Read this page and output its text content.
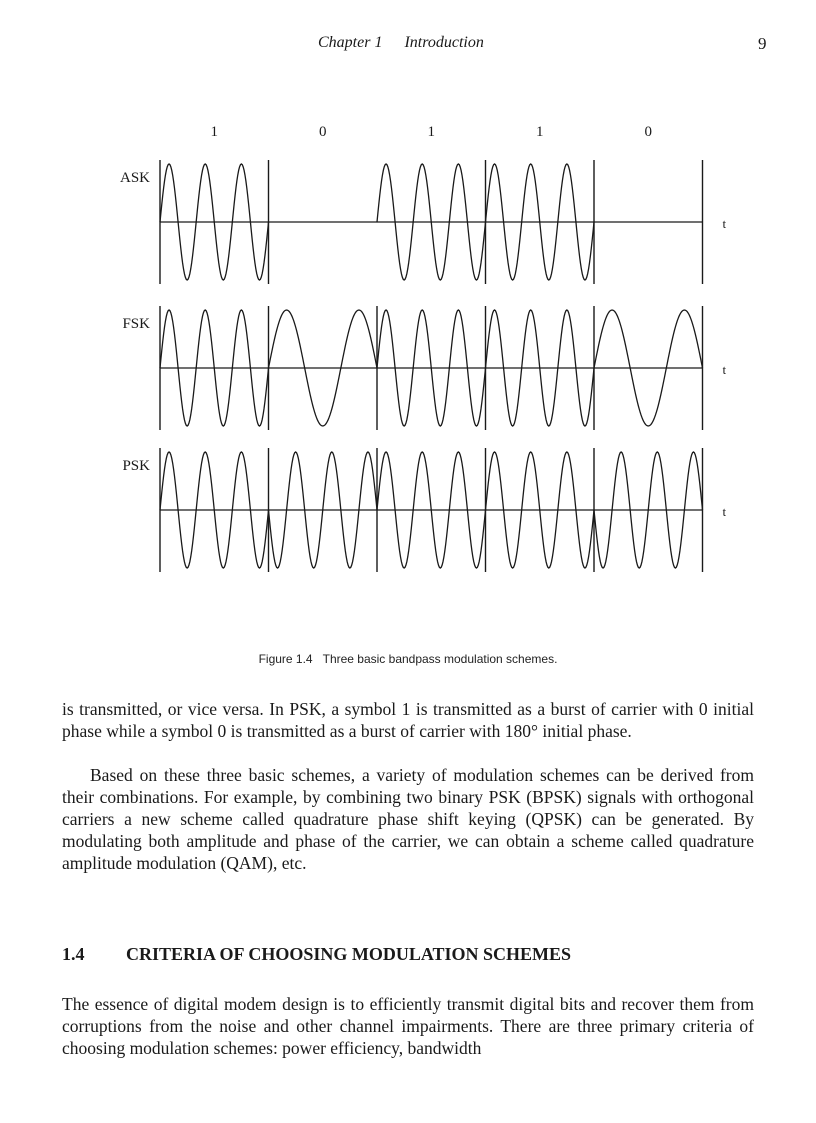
Chapter 1 Introduction	9
1	0	1	1	0
ASK
t
FSK
t
PSK
t
Figure 1.4 Three basic bandpass modulation schemes.

is transmitted, or vice versa. In PSK, a symbol 1 is transmitted as a burst of carrier with 0 initial phase while a symbol 0 is transmitted as a burst of carrier with 180° initial phase.

Based on these three basic schemes, a variety of modulation schemes can be derived from their combinations. For example, by combining two binary PSK (BPSK) signals with orthogonal carriers a new scheme called quadrature phase shift keying (QPSK) can be generated. By modulating both amplitude and phase of the carrier, we can obtain a scheme called quadrature amplitude modulation (QAM), etc.

1.4 CRITERIA OF CHOOSING MODULATION SCHEMES

The essence of digital modem design is to efficiently transmit digital bits and recover them from corruptions from the noise and other channel impairments. There are three primary criteria of choosing modulation schemes: power efficiency, bandwidth
